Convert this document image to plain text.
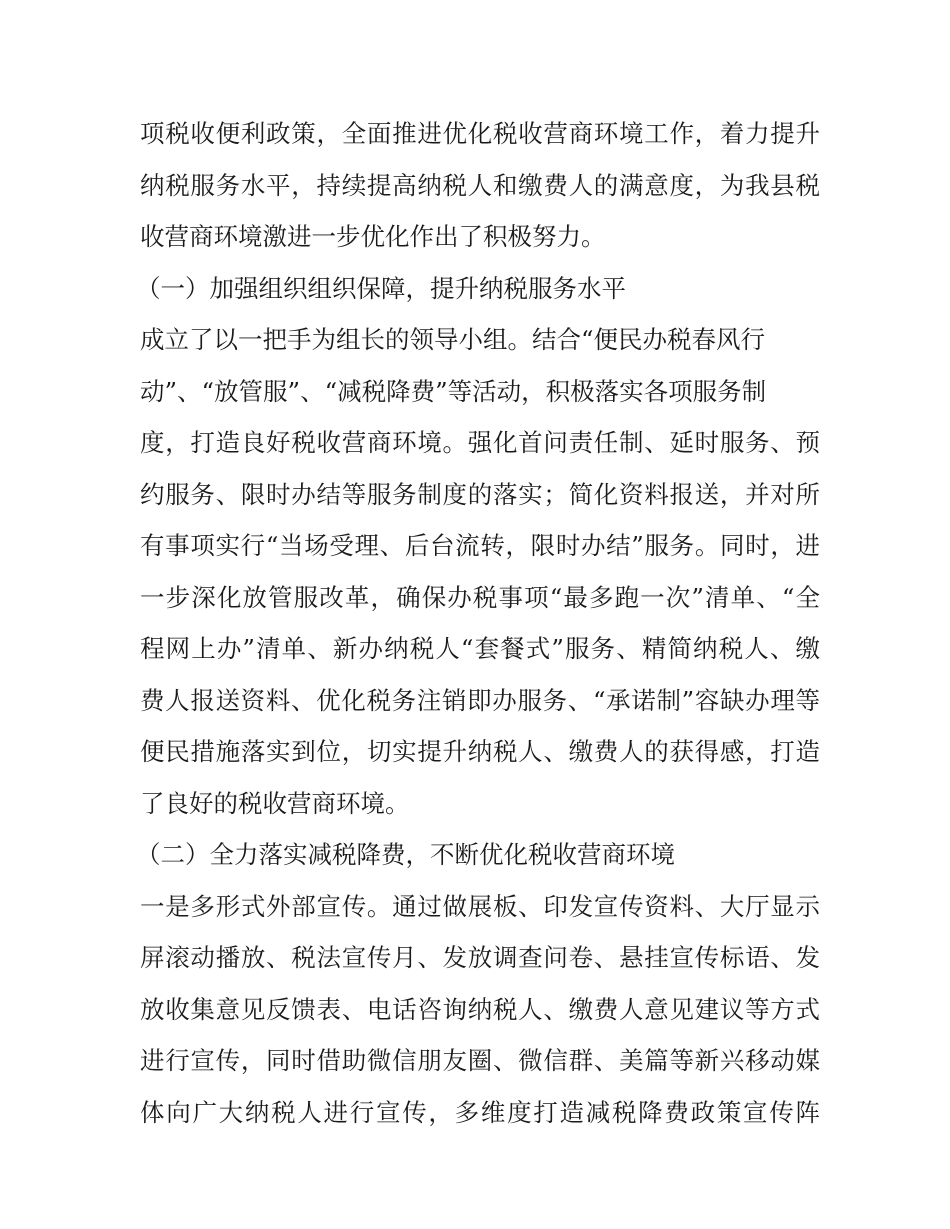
项税收便利政策，全面推进优化税收营商环境工作，着力提升
纳税服务水平，持续提高纳税人和缴费人的满意度，为我县税
收营商环境激进一步优化作出了积极努力。
（一）加强组织组织保障，提升纳税服务水平
成立了以一把手为组长的领导小组。结合“便民办税春风行
动”、“放管服”、“减税降费”等活动，积极落实各项服务制
度，打造良好税收营商环境。强化首问责任制、延时服务、预
约服务、限时办结等服务制度的落实；简化资料报送，并对所
有事项实行“当场受理、后台流转，限时办结”服务。同时，进
一步深化放管服改革，确保办税事项“最多跑一次”清单、“全
程网上办”清单、新办纳税人“套餐式”服务、精简纳税人、缴
费人报送资料、优化税务注销即办服务、“承诺制”容缺办理等
便民措施落实到位，切实提升纳税人、缴费人的获得感，打造
了良好的税收营商环境。
（二）全力落实减税降费，不断优化税收营商环境
一是多形式外部宣传。通过做展板、印发宣传资料、大厅显示
屏滚动播放、税法宣传月、发放调查问卷、悬挂宣传标语、发
放收集意见反馈表、电话咨询纳税人、缴费人意见建议等方式
进行宣传，同时借助微信朋友圈、微信群、美篇等新兴移动媒
体向广大纳税人进行宣传，多维度打造减税降费政策宣传阵
